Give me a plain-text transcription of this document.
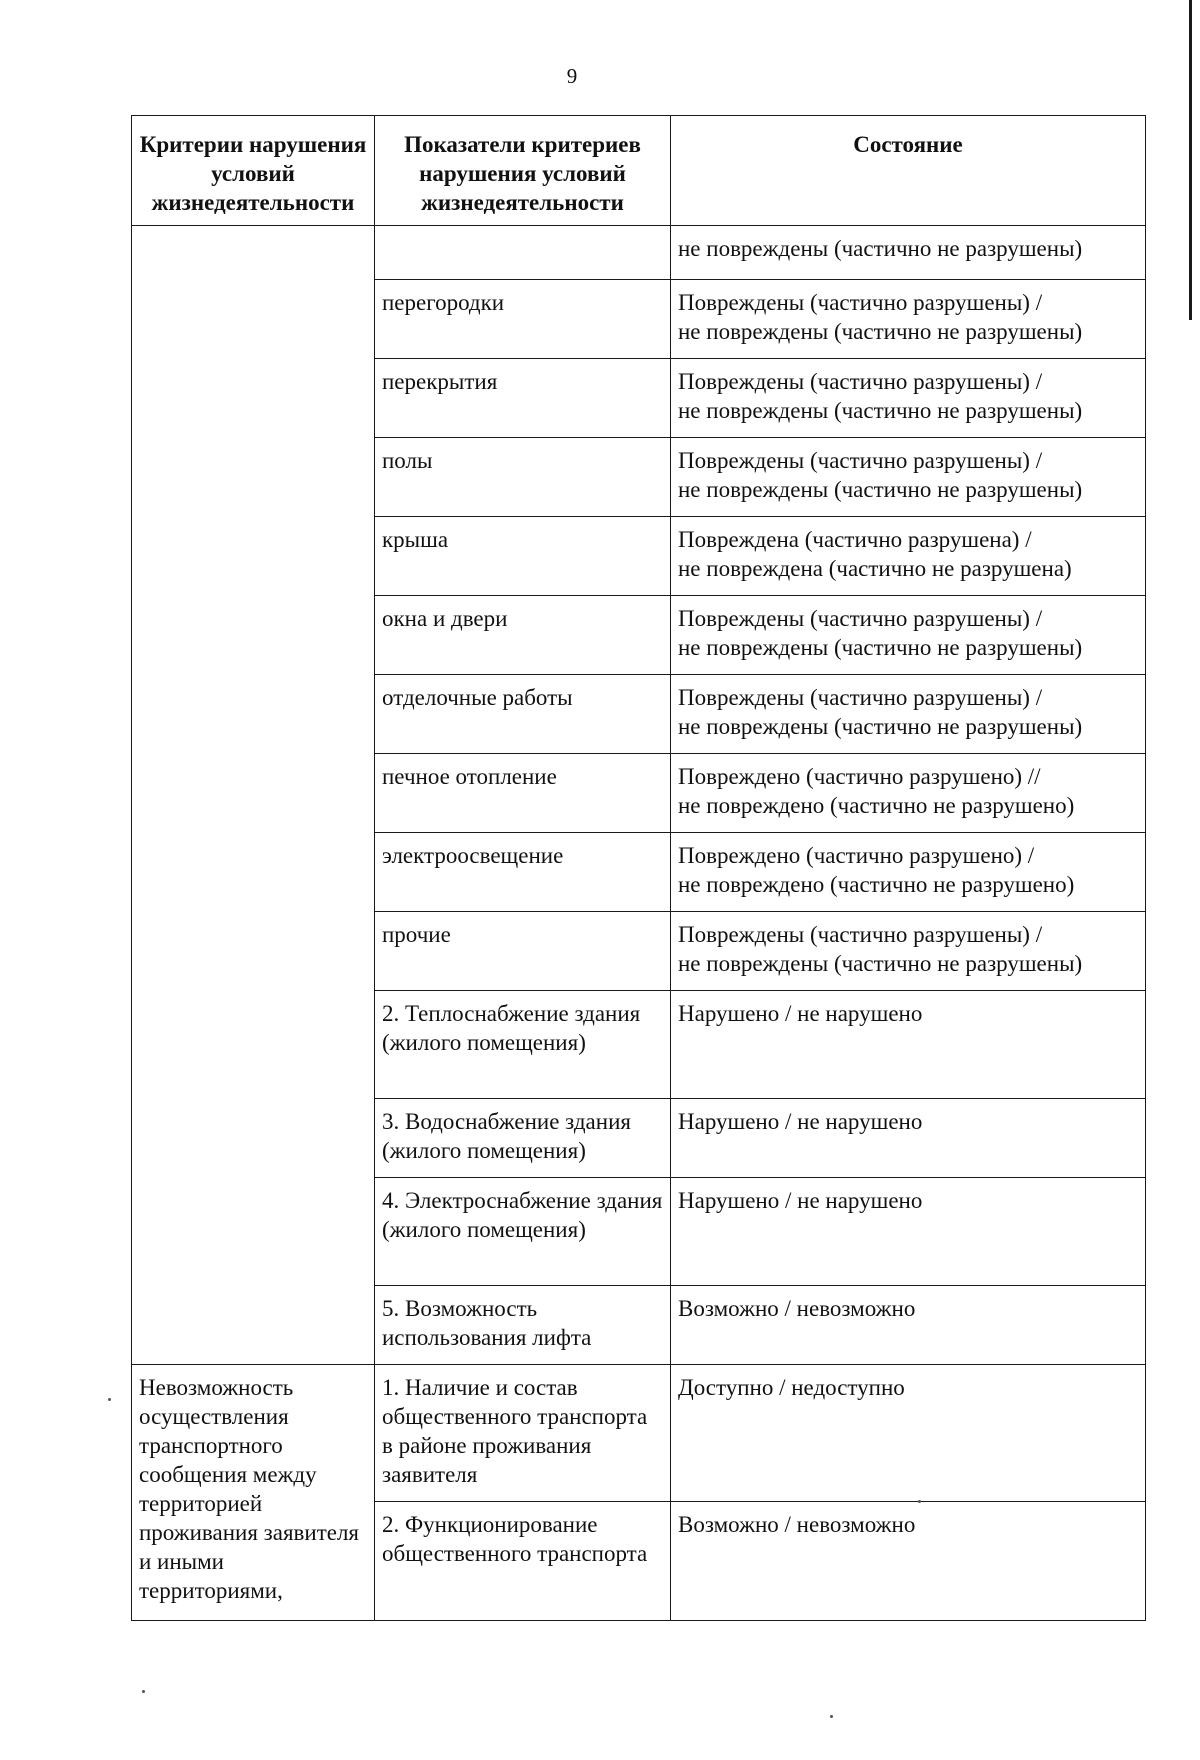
9
Критерии нарушения условий жизнедеятельности	Показатели критериев нарушения условий жизнедеятельности	Состояние
		не повреждены (частично не разрушены)
	перегородки	Повреждены (частично разрушены) /
не повреждены (частично не разрушены)

	перекрытия	Повреждены (частично разрушены) /
не повреждены (частично не разрушены)

	полы	Повреждены (частично разрушены) /
не повреждены (частично не разрушены)

	крыша	Повреждена (частично разрушена) /
не повреждена (частично не разрушена)

	окна и двери	Повреждены (частично разрушены) /
не повреждены (частично не разрушены)

	отделочные работы	Повреждены (частично разрушены) /
не повреждены (частично не разрушены)

	печное отопление	Повреждено (частично разрушено) //
не повреждено (частично не разрушено)

	электроосвещение	Повреждено (частично разрушено) /
не повреждено (частично не разрушено)

	прочие	Повреждены (частично разрушены) /
не повреждены (частично не разрушены)

	2. Теплоснабжение здания (жилого помещения)	Нарушено / не нарушено
	3. Водоснабжение здания (жилого помещения)	Нарушено / не нарушено
	4. Электроснабжение здания (жилого помещения)	Нарушено / не нарушено
	5. Возможность использования лифта	Возможно / невозможно
Невозможность осуществления транспортного сообщения между территорией проживания заявителя и иными территориями,	1. Наличие и состав общественного транспорта в районе проживания заявителя	Доступно / недоступно
	2. Функционирование общественного транспорта	Возможно / невозможно
